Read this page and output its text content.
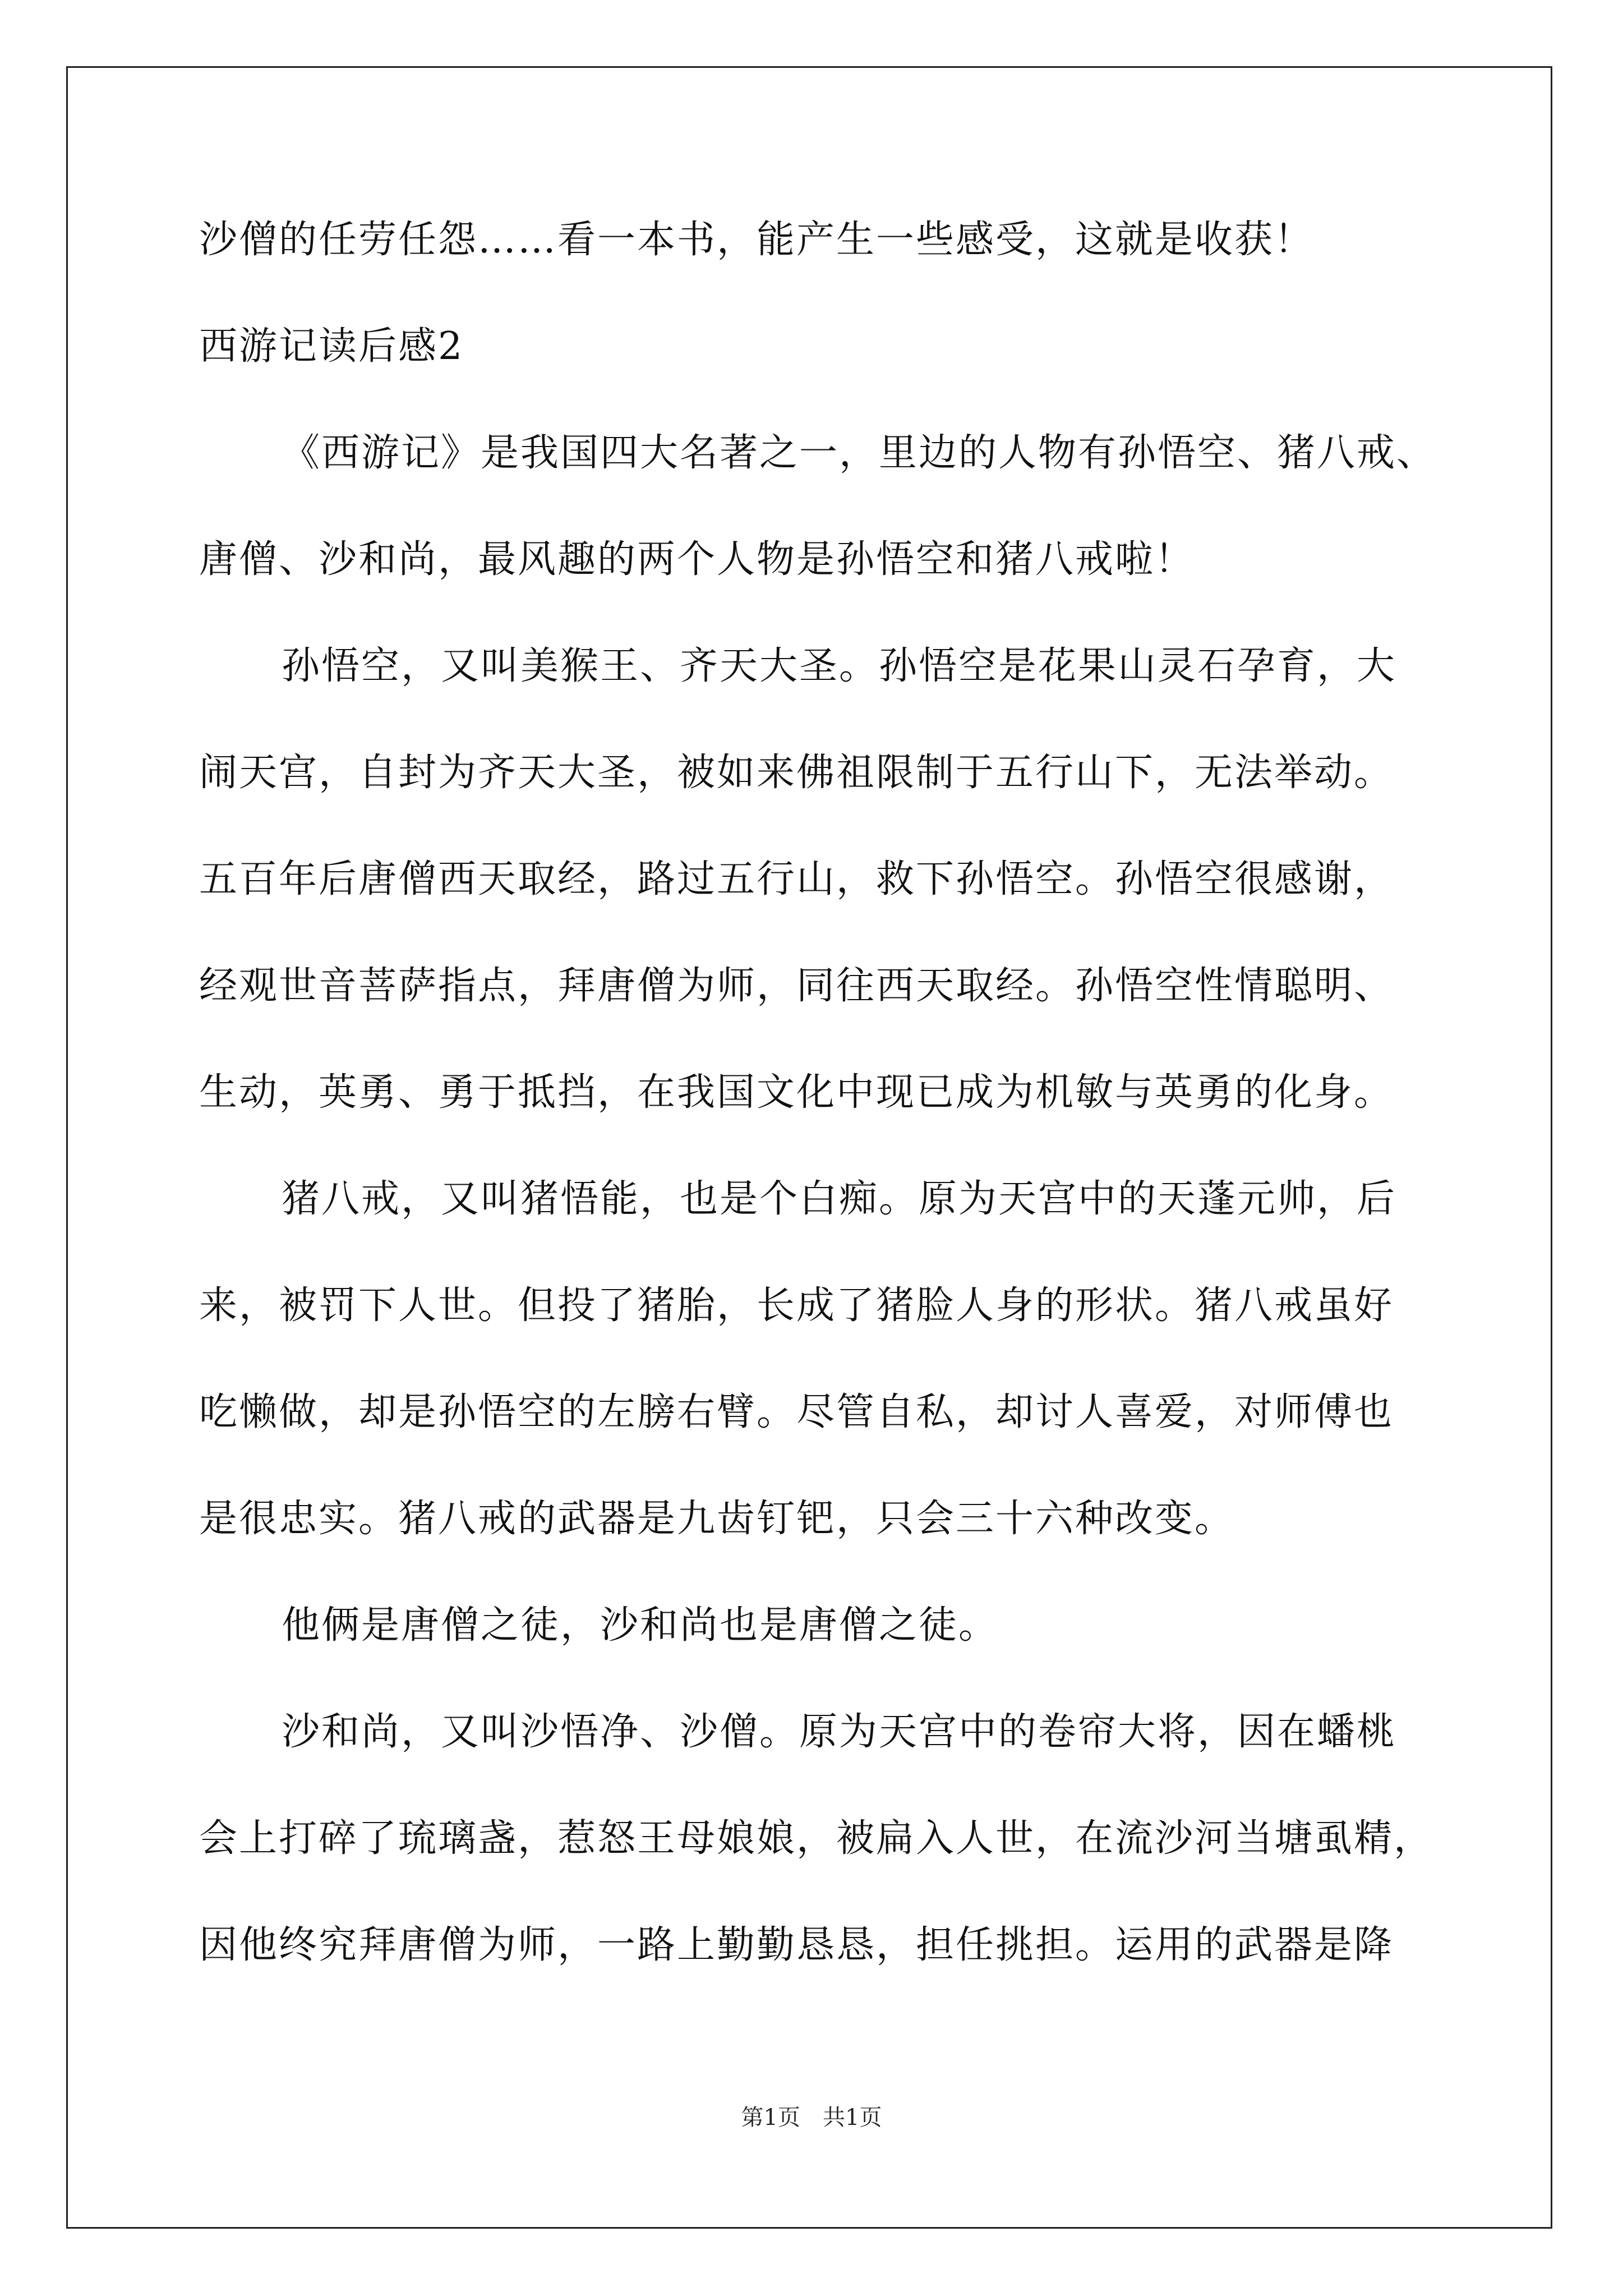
沙僧的任劳任怨……看一本书，能产生一些感受，这就是收获！
西游记读后感2
《西游记》是我国四大名著之一，里边的人物有孙悟空、猪八戒、
唐僧、沙和尚，最风趣的两个人物是孙悟空和猪八戒啦！
孙悟空，又叫美猴王、齐天大圣。孙悟空是花果山灵石孕育，大
闹天宫，自封为齐天大圣，被如来佛祖限制于五行山下，无法举动。
五百年后唐僧西天取经，路过五行山，救下孙悟空。孙悟空很感谢，
经观世音菩萨指点，拜唐僧为师，同往西天取经。孙悟空性情聪明、
生动，英勇、勇于抵挡，在我国文化中现已成为机敏与英勇的化身。
猪八戒，又叫猪悟能，也是个白痴。原为天宫中的天蓬元帅，后
来，被罚下人世。但投了猪胎，长成了猪脸人身的形状。猪八戒虽好
吃懒做，却是孙悟空的左膀右臂。尽管自私，却讨人喜爱，对师傅也
是很忠实。猪八戒的武器是九齿钉钯，只会三十六种改变。
他俩是唐僧之徒，沙和尚也是唐僧之徒。
沙和尚，又叫沙悟净、沙僧。原为天宫中的卷帘大将，因在蟠桃
会上打碎了琉璃盏，惹怒王母娘娘，被扁入人世，在流沙河当塘虱精，
因他终究拜唐僧为师，一路上勤勤恳恳，担任挑担。运用的武器是降
第1页　共1页
